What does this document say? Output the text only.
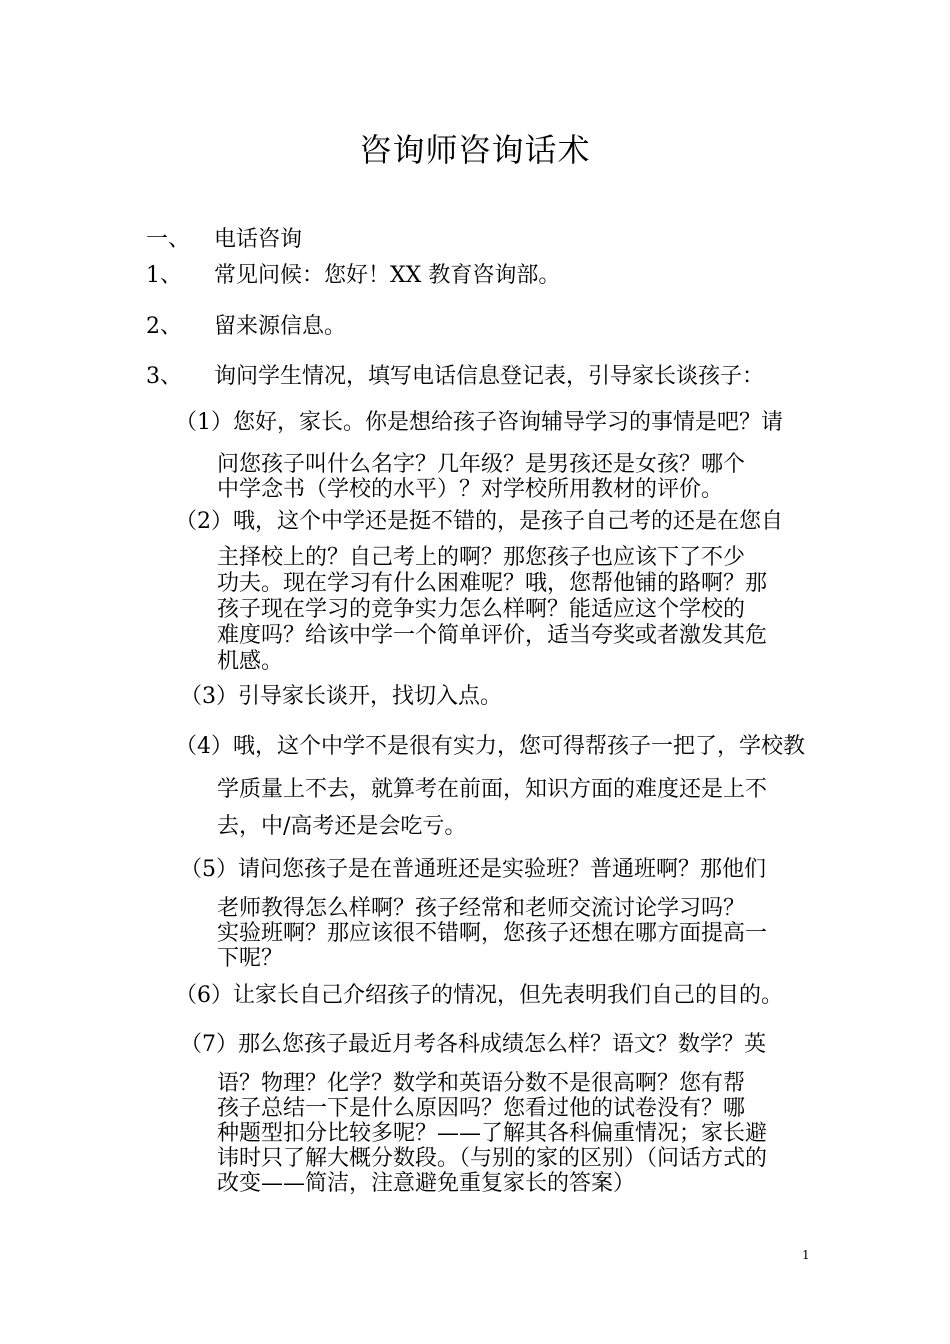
咨询师咨询话术
一、 电话咨询
1、 常见问候：您好！XX 教育咨询部。
2、 留来源信息。
3、 询问学生情况，填写电话信息登记表，引导家长谈孩子：
（1）您好，家长。你是想给孩子咨询辅导学习的事情是吧？请
问您孩子叫什么名字？几年级？是男孩还是女孩？哪个
中学念书（学校的水平）？对学校所用教材的评价。
（2）哦，这个中学还是挺不错的，是孩子自己考的还是在您自
主择校上的？自己考上的啊？那您孩子也应该下了不少
功夫。现在学习有什么困难呢？哦，您帮他铺的路啊？那
孩子现在学习的竞争实力怎么样啊？能适应这个学校的
难度吗？给该中学一个简单评价，适当夸奖或者激发其危
机感。
（3）引导家长谈开，找切入点。
（4）哦，这个中学不是很有实力，您可得帮孩子一把了，学校教
学质量上不去，就算考在前面，知识方面的难度还是上不
去，中/高考还是会吃亏。
（5）请问您孩子是在普通班还是实验班？普通班啊？那他们
老师教得怎么样啊？孩子经常和老师交流讨论学习吗？
实验班啊？那应该很不错啊，您孩子还想在哪方面提高一
下呢？
（6）让家长自己介绍孩子的情况，但先表明我们自己的目的。
（7）那么您孩子最近月考各科成绩怎么样？语文？数学？英
语？物理？化学？数学和英语分数不是很高啊？您有帮
孩子总结一下是什么原因吗？您看过他的试卷没有？哪
种题型扣分比较多呢？——了解其各科偏重情况；家长避
讳时只了解大概分数段。（与别的家的区别）（问话方式的
改变——简洁，注意避免重复家长的答案）
1
